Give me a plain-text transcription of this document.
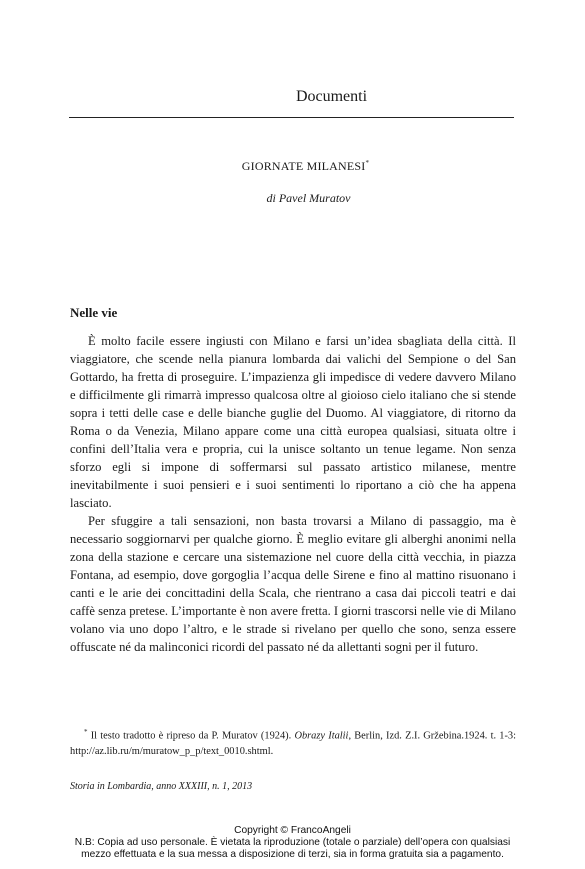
Documenti
GIORNATE MILANESI*
di Pavel Muratov
Nelle vie

È molto facile essere ingiusti con Milano e farsi un’idea sbagliata della città. Il viaggiatore, che scende nella pianura lombarda dai valichi del Sempione o del San Gottardo, ha fretta di proseguire. L’impazienza gli impedisce di vedere davvero Milano e difficilmente gli rimarrà impresso qualcosa oltre al gioioso cielo italiano che si stende sopra i tetti delle case e delle bianche guglie del Duomo. Al viaggiatore, di ritorno da Roma o da Venezia, Milano appare come una città europea qualsiasi, situata oltre i confini dell’Italia vera e propria, cui la unisce soltanto un tenue legame. Non senza sforzo egli si impone di soffermarsi sul passato artistico milanese, mentre inevitabilmente i suoi pensieri e i suoi sentimenti lo riportano a ciò che ha appena lasciato.

Per sfuggire a tali sensazioni, non basta trovarsi a Milano di passaggio, ma è necessario soggiornarvi per qualche giorno. È meglio evitare gli alberghi anonimi nella zona della stazione e cercare una sistemazione nel cuore della città vecchia, in piazza Fontana, ad esempio, dove gorgoglia l’acqua delle Sirene e fino al mattino risuonano i canti e le arie dei concittadini della Scala, che rientrano a casa dai piccoli teatri e dai caffè senza pretese. L’importante è non avere fretta. I giorni trascorsi nelle vie di Milano volano via uno dopo l’altro, e le strade si rivelano per quello che sono, senza essere offuscate né da malinconici ricordi del passato né da allettanti sogni per il futuro.

* Il testo tradotto è ripreso da P. Muratov (1924). Obrazy Italii, Berlin, Izd. Z.I. Gržebina.1924. t. 1-3: http://az.lib.ru/m/muratow_p_p/text_0010.shtml.
Storia in Lombardia, anno XXXIII, n. 1, 2013
Copyright © FrancoAngeli
N.B: Copia ad uso personale. È vietata la riproduzione (totale o parziale) dell’opera con qualsiasi
mezzo effettuata e la sua messa a disposizione di terzi, sia in forma gratuita sia a pagamento.
